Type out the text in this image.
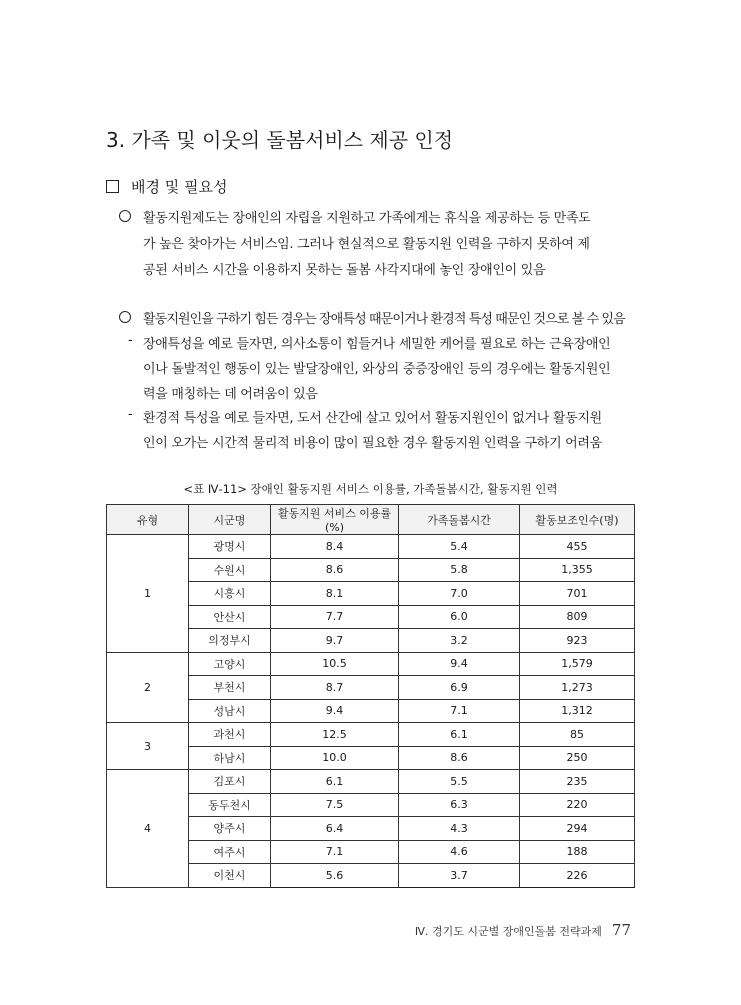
3. 가족 및 이웃의 돌봄서비스 제공 인정
배경 및 필요성
활동지원제도는 장애인의 자립을 지원하고 가족에게는 휴식을 제공하는 등 만족도
가 높은 찾아가는 서비스임. 그러나 현실적으로 활동지원 인력을 구하지 못하여 제
공된 서비스 시간을 이용하지 못하는 돌봄 사각지대에 놓인 장애인이 있음
활동지원인을 구하기 힘든 경우는 장애특성 때문이거나 환경적 특성 때문인 것으로 볼 수 있음
- 장애특성을 예로 들자면, 의사소통이 힘들거나 세밀한 케어를 필요로 하는 근육장애인
이나 돌발적인 행동이 있는 발달장애인, 와상의 중증장애인 등의 경우에는 활동지원인
력을 매칭하는 데 어려움이 있음
- 환경적 특성을 예로 들자면, 도서 산간에 살고 있어서 활동지원인이 없거나 활동지원
인이 오가는 시간적 물리적 비용이 많이 필요한 경우 활동지원 인력을 구하기 어려움
<표 Ⅳ-11> 장애인 활동지원 서비스 이용률, 가족돌봄시간, 활동지원 인력
유형	시군명	활동지원 서비스 이용률(%)	가족돌봄시간	활동보조인수(명)
1	광명시	8.4	5.4	455
	수원시	8.6	5.8	1,355
	시흥시	8.1	7.0	701
	안산시	7.7	6.0	809
	의정부시	9.7	3.2	923
2	고양시	10.5	9.4	1,579
	부천시	8.7	6.9	1,273
	성남시	9.4	7.1	1,312
3	과천시	12.5	6.1	85
	하남시	10.0	8.6	250
4	김포시	6.1	5.5	235
	동두천시	7.5	6.3	220
	양주시	6.4	4.3	294
	여주시	7.1	4.6	188
	이천시	5.6	3.7	226
Ⅳ. 경기도 시군별 장애인돌봄 전략과제 77
